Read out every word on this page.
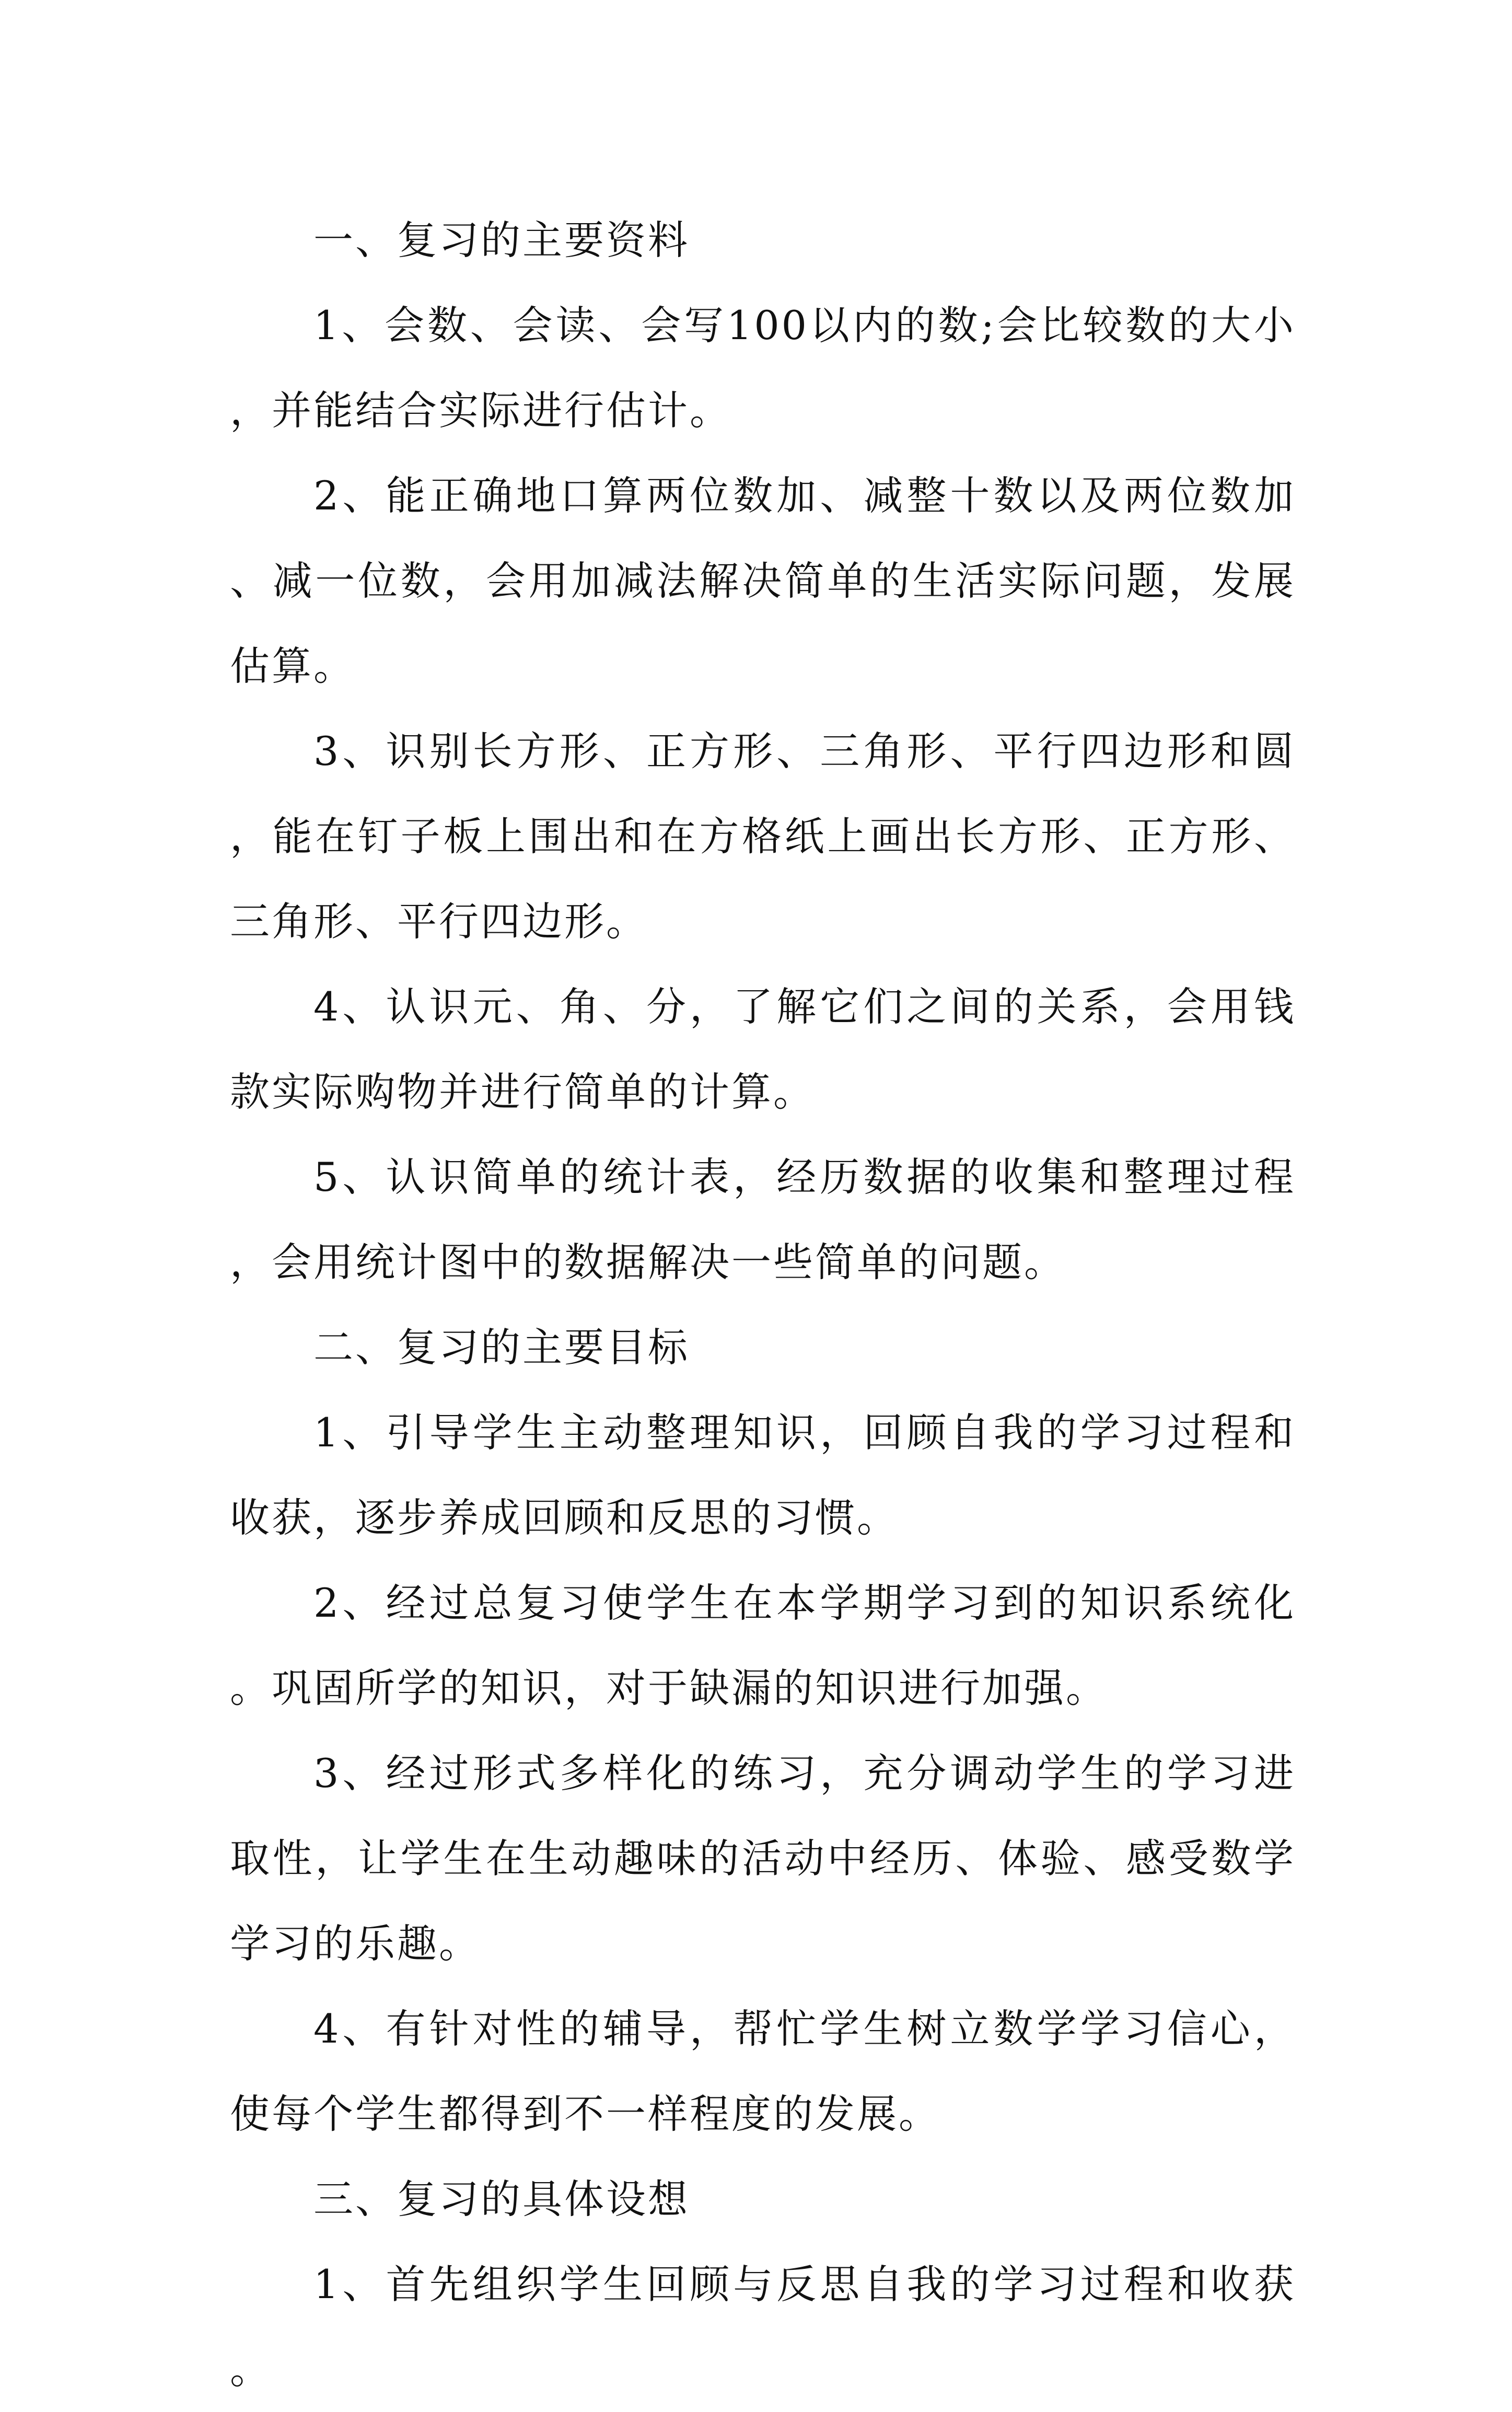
一、复习的主要资料

1、会数、会读、会写100以内的数;会比较数的大小，并能结合实际进行估计。

2、能正确地口算两位数加、减整十数以及两位数加、减一位数，会用加减法解决简单的生活实际问题，发展估算。

3、识别长方形、正方形、三角形、平行四边形和圆，能在钉子板上围出和在方格纸上画出长方形、正方形、三角形、平行四边形。

4、认识元、角、分，了解它们之间的关系，会用钱款实际购物并进行简单的计算。

5、认识简单的统计表，经历数据的收集和整理过程，会用统计图中的数据解决一些简单的问题。

二、复习的主要目标

1、引导学生主动整理知识，回顾自我的学习过程和收获，逐步养成回顾和反思的习惯。

2、经过总复习使学生在本学期学习到的知识系统化。巩固所学的知识，对于缺漏的知识进行加强。

3、经过形式多样化的练习，充分调动学生的学习进取性，让学生在生动趣味的活动中经历、体验、感受数学学习的乐趣。

4、有针对性的辅导，帮忙学生树立数学学习信心，使每个学生都得到不一样程度的发展。

三、复习的具体设想

1、首先组织学生回顾与反思自我的学习过程和收获。
